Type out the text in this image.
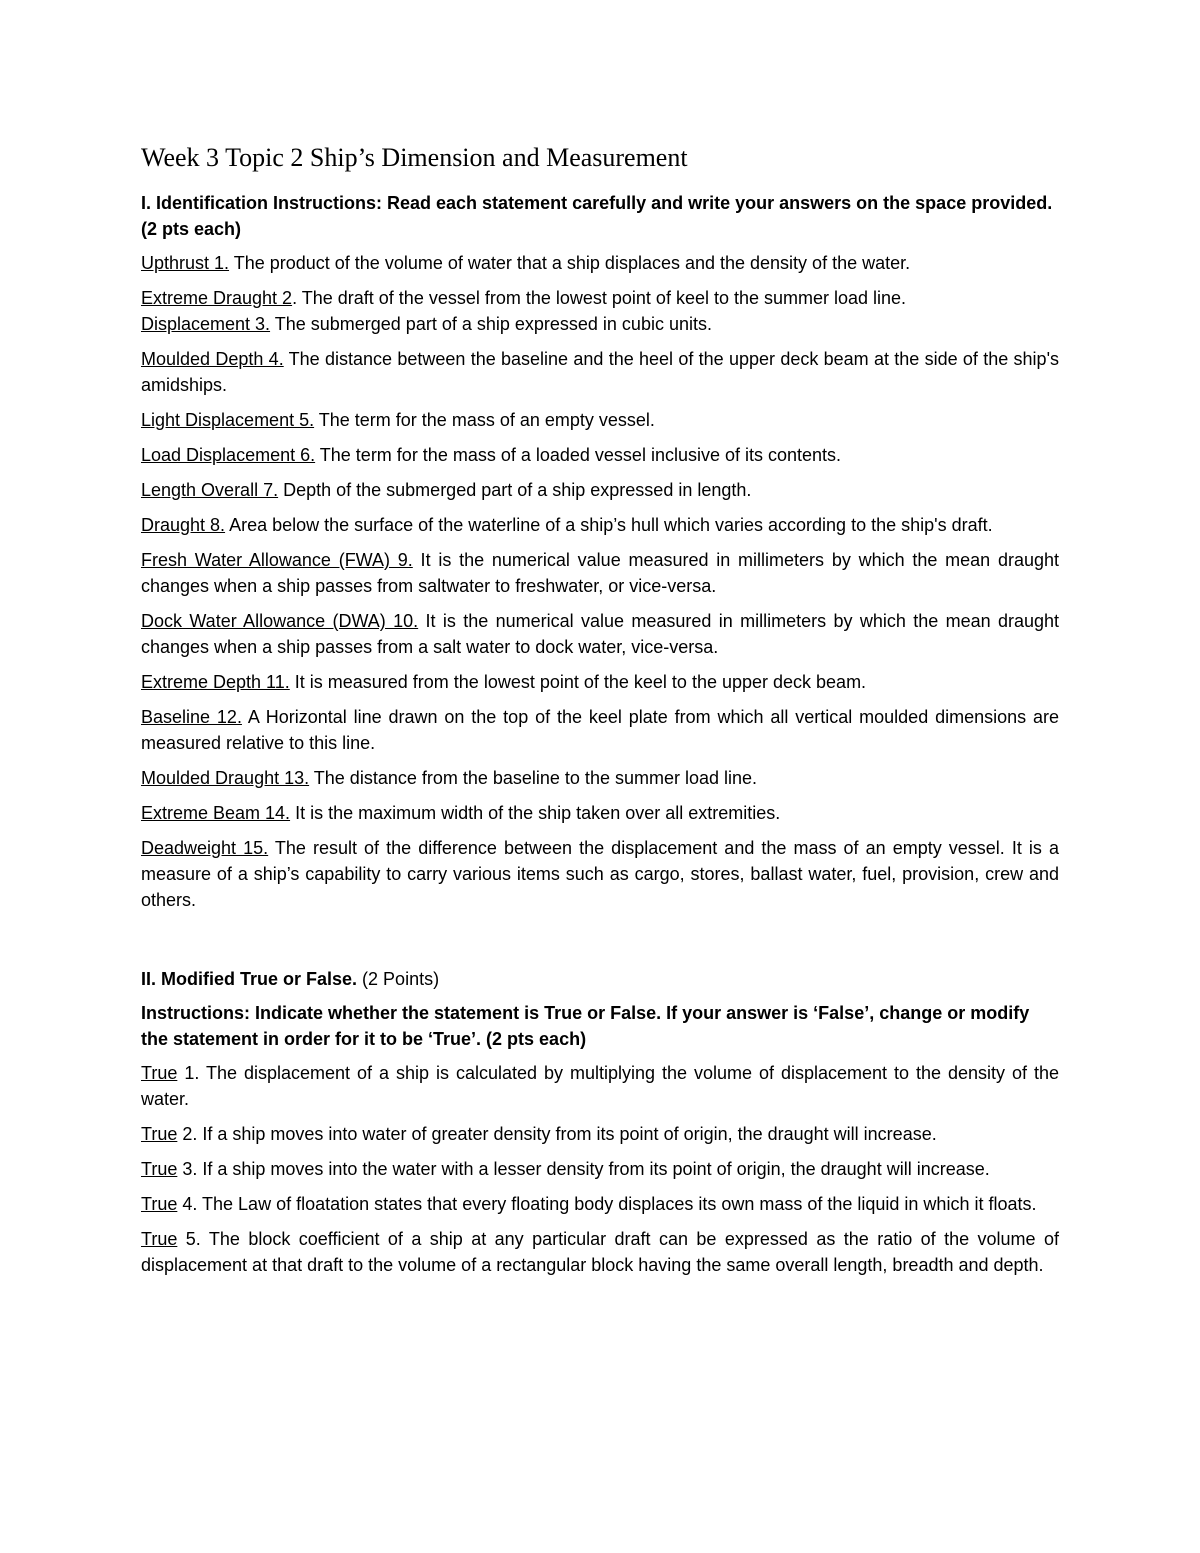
Week 3 Topic 2 Ship’s Dimension and Measurement

I. Identification Instructions: Read each statement carefully and write your answers on the space provided. (2 pts each)

Upthrust 1. The product of the volume of water that a ship displaces and the density of the water.

Extreme Draught 2. The draft of the vessel from the lowest point of keel to the summer load line.

Displacement 3. The submerged part of a ship expressed in cubic units.

Moulded Depth 4. The distance between the baseline and the heel of the upper deck beam at the side of the ship's amidships.

Light Displacement 5. The term for the mass of an empty vessel.

Load Displacement 6. The term for the mass of a loaded vessel inclusive of its contents.

Length Overall 7. Depth of the submerged part of a ship expressed in length.

Draught 8. Area below the surface of the waterline of a ship’s hull which varies according to the ship's draft.

Fresh Water Allowance (FWA) 9. It is the numerical value measured in millimeters by which the mean draught changes when a ship passes from saltwater to freshwater, or vice-versa.

Dock Water Allowance (DWA) 10. It is the numerical value measured in millimeters by which the mean draught changes when a ship passes from a salt water to dock water, vice-versa.

Extreme Depth 11. It is measured from the lowest point of the keel to the upper deck beam.

Baseline 12. A Horizontal line drawn on the top of the keel plate from which all vertical moulded dimensions are measured relative to this line.

Moulded Draught 13. The distance from the baseline to the summer load line.

Extreme Beam 14. It is the maximum width of the ship taken over all extremities.

Deadweight 15. The result of the difference between the displacement and the mass of an empty vessel. It is a measure of a ship’s capability to carry various items such as cargo, stores, ballast water, fuel, provision, crew and others.

II. Modified True or False. (2 Points)

Instructions: Indicate whether the statement is True or False. If your answer is ‘False’, change or modify the statement in order for it to be ‘True’. (2 pts each)

True 1. The displacement of a ship is calculated by multiplying the volume of displacement to the density of the water.

True 2. If a ship moves into water of greater density from its point of origin, the draught will increase.

True 3. If a ship moves into the water with a lesser density from its point of origin, the draught will increase.

True 4. The Law of floatation states that every floating body displaces its own mass of the liquid in which it floats.

True 5. The block coefficient of a ship at any particular draft can be expressed as the ratio of the volume of displacement at that draft to the volume of a rectangular block having the same overall length, breadth and depth.
